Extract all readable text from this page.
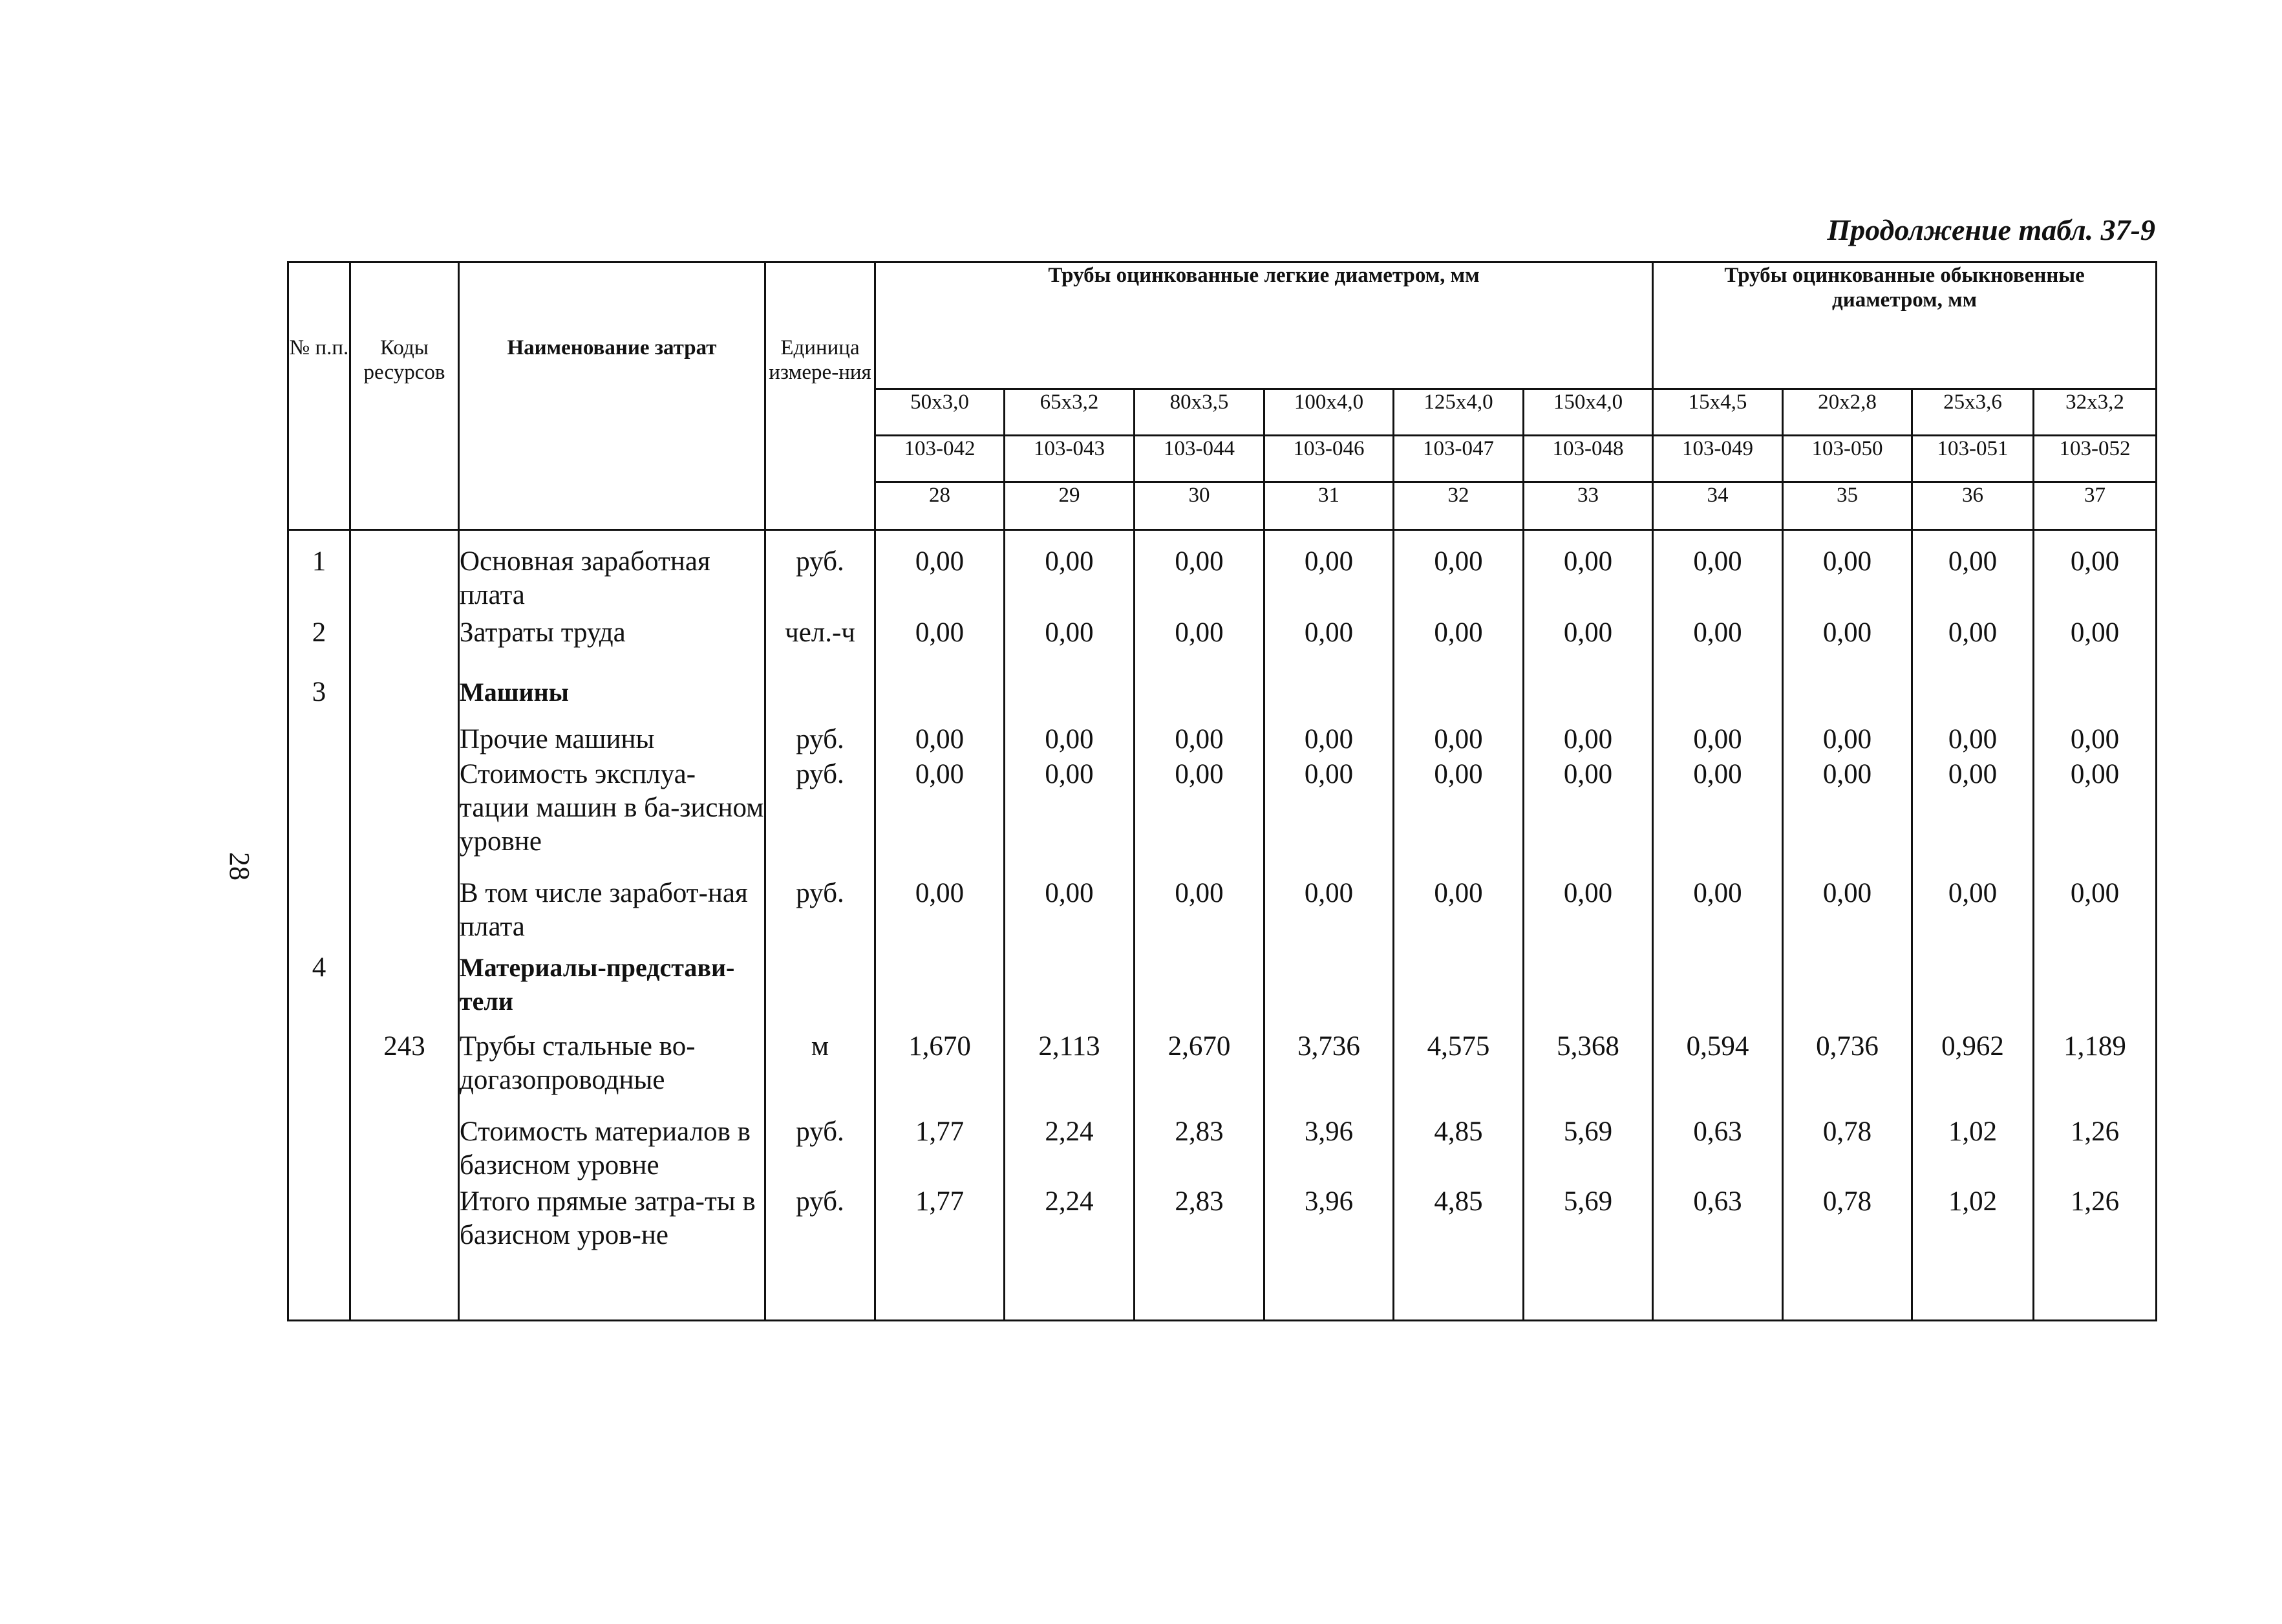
Продолжение табл. 37-9
28
№ п.п.	Коды ресурсов	Наименование затрат	Единица измере-ния	Трубы оцинкованные легкие диаметром, мм						Трубы оцинкованные обыкновенные диаметром, мм			
				50х3,0	65х3,2	80х3,5	100х4,0	125х4,0	150х4,0	15х4,5	20х2,8	25х3,6	32х3,2
				103-042	103-043	103-044	103-046	103-047	103-048	103-049	103-050	103-051	103-052
				28	29	30	31	32	33	34	35	36	37
1		Основная заработная плата	руб.	0,00	0,00	0,00	0,00	0,00	0,00	0,00	0,00	0,00	0,00
2		Затраты труда	чел.-ч	0,00	0,00	0,00	0,00	0,00	0,00	0,00	0,00	0,00	0,00
3		Машины											
		Прочие машины	руб.	0,00	0,00	0,00	0,00	0,00	0,00	0,00	0,00	0,00	0,00
		Стоимость эксплуа-тации машин в ба-зисном уровне	руб.	0,00	0,00	0,00	0,00	0,00	0,00	0,00	0,00	0,00	0,00
		В том числе заработ-ная плата	руб.	0,00	0,00	0,00	0,00	0,00	0,00	0,00	0,00	0,00	0,00
4		Материалы-представи-тели											
	243	Трубы стальные во-догазопроводные	м	1,670	2,113	2,670	3,736	4,575	5,368	0,594	0,736	0,962	1,189
		Стоимость материалов в базисном уровне	руб.	1,77	2,24	2,83	3,96	4,85	5,69	0,63	0,78	1,02	1,26
		Итого прямые затра-ты в базисном уров-не	руб.	1,77	2,24	2,83	3,96	4,85	5,69	0,63	0,78	1,02	1,26
